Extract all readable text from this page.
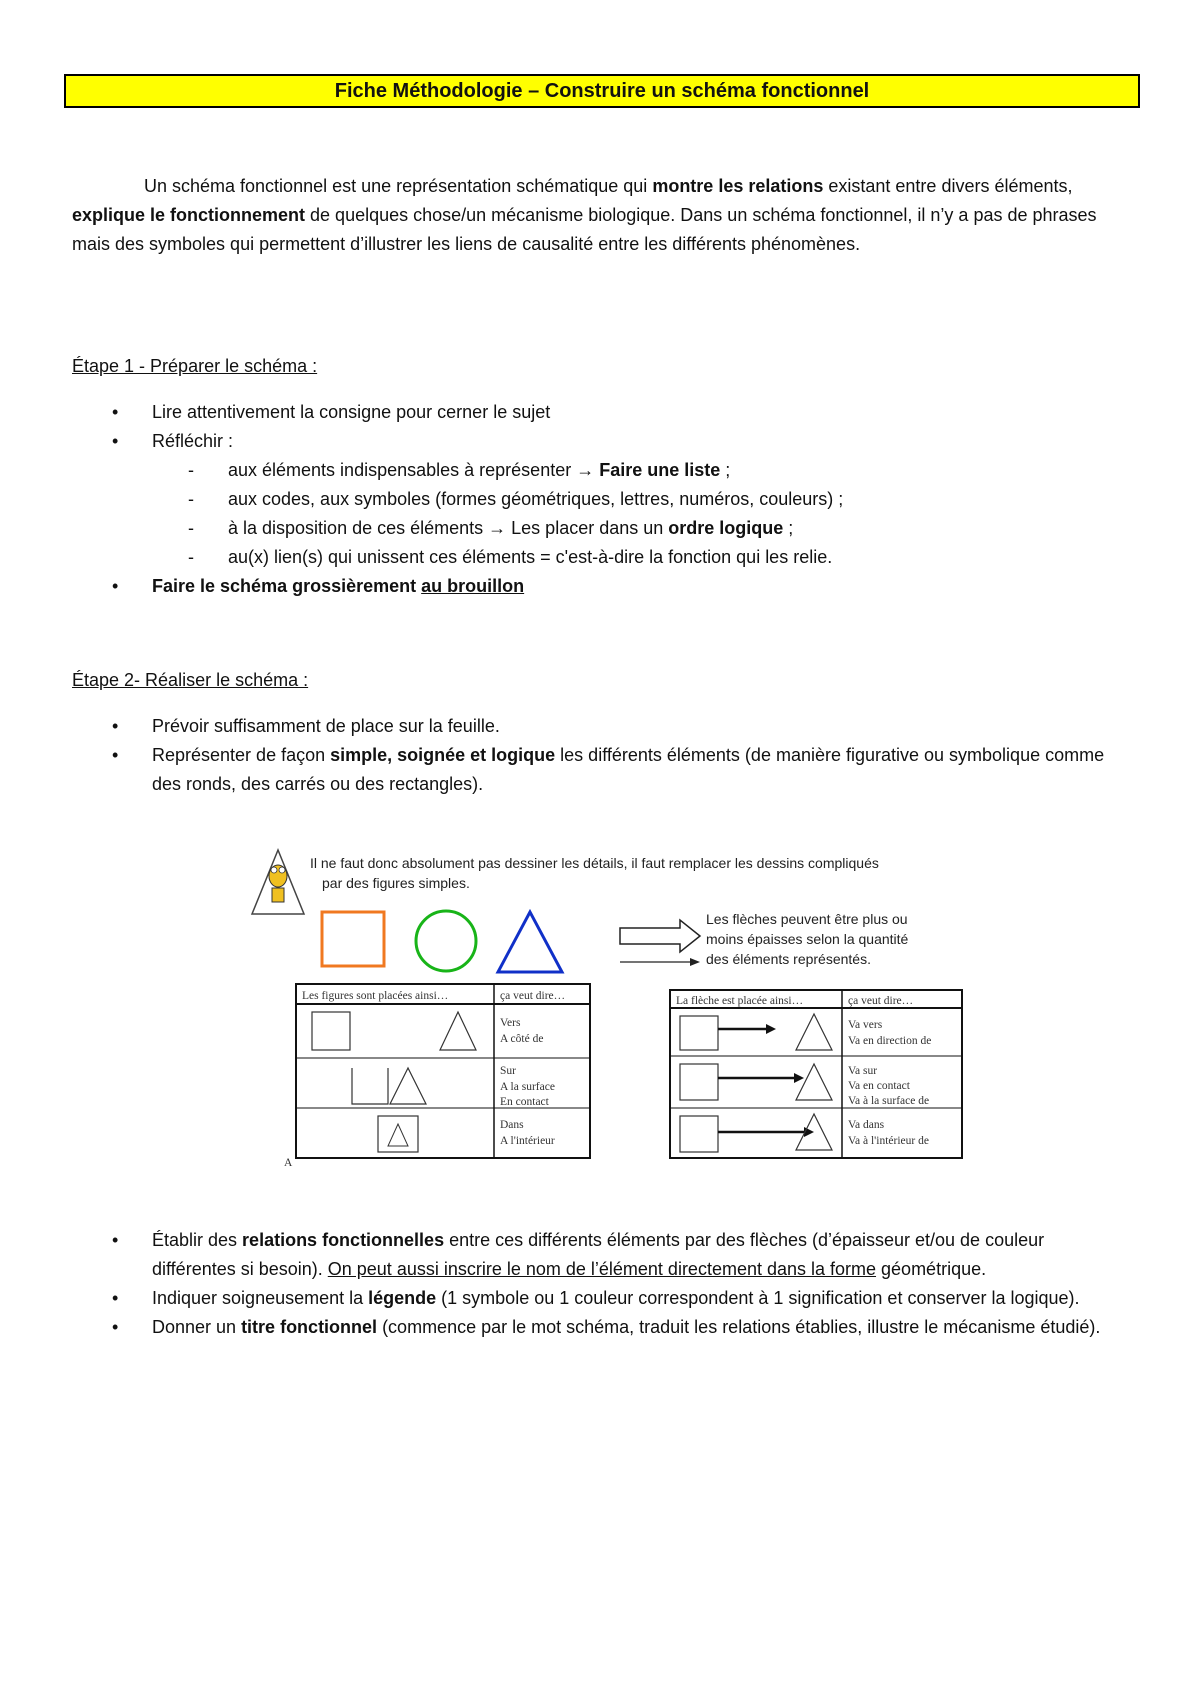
Fiche Méthodologie – Construire un schéma fonctionnel
Un schéma fonctionnel est une représentation schématique qui montre les relations existant entre divers éléments, explique le fonctionnement de quelques chose/un mécanisme biologique. Dans un schéma fonctionnel, il n’y a pas de phrases mais des symboles qui permettent d’illustrer les liens de causalité entre les différents phénomènes.
Étape 1 - Préparer le schéma :
• Lire attentivement la consigne pour cerner le sujet
• Réfléchir :
- aux éléments indispensables à représenter → Faire une liste ;
- aux codes, aux symboles (formes géométriques, lettres, numéros, couleurs) ;
- à la disposition de ces éléments → Les placer dans un ordre logique ;
- au(x) lien(s) qui unissent ces éléments = c'est-à-dire la fonction qui les relie.
• Faire le schéma grossièrement au brouillon
Étape 2- Réaliser le schéma :
• Prévoir suffisamment de place sur la feuille.
• Représenter de façon simple, soignée et logique les différents éléments (de manière figurative ou symbolique comme des ronds, des carrés ou des rectangles).
Il ne faut donc absolument pas dessiner les détails, il faut remplacer les dessins compliqués
par des figures simples.
Les flèches peuvent être plus ou
moins épaisses selon la quantité
des éléments représentés.
Les figures sont placées ainsi…	ça veut dire…
Vers
A côté de
Sur
A la surface
En contact
Dans
A l'intérieur
A
La flèche est placée ainsi…	ça veut dire…
Va vers
Va en direction de
Va sur
Va en contact
Va à la surface de
Va dans
Va à l'intérieur de
• Établir des relations fonctionnelles entre ces différents éléments par des flèches (d’épaisseur et/ou de couleur différentes si besoin). On peut aussi inscrire le nom de l’élément directement dans la forme géométrique.
• Indiquer soigneusement la légende (1 symbole ou 1 couleur correspondent à 1 signification et conserver la logique).
• Donner un titre fonctionnel (commence par le mot schéma, traduit les relations établies, illustre le mécanisme étudié).
